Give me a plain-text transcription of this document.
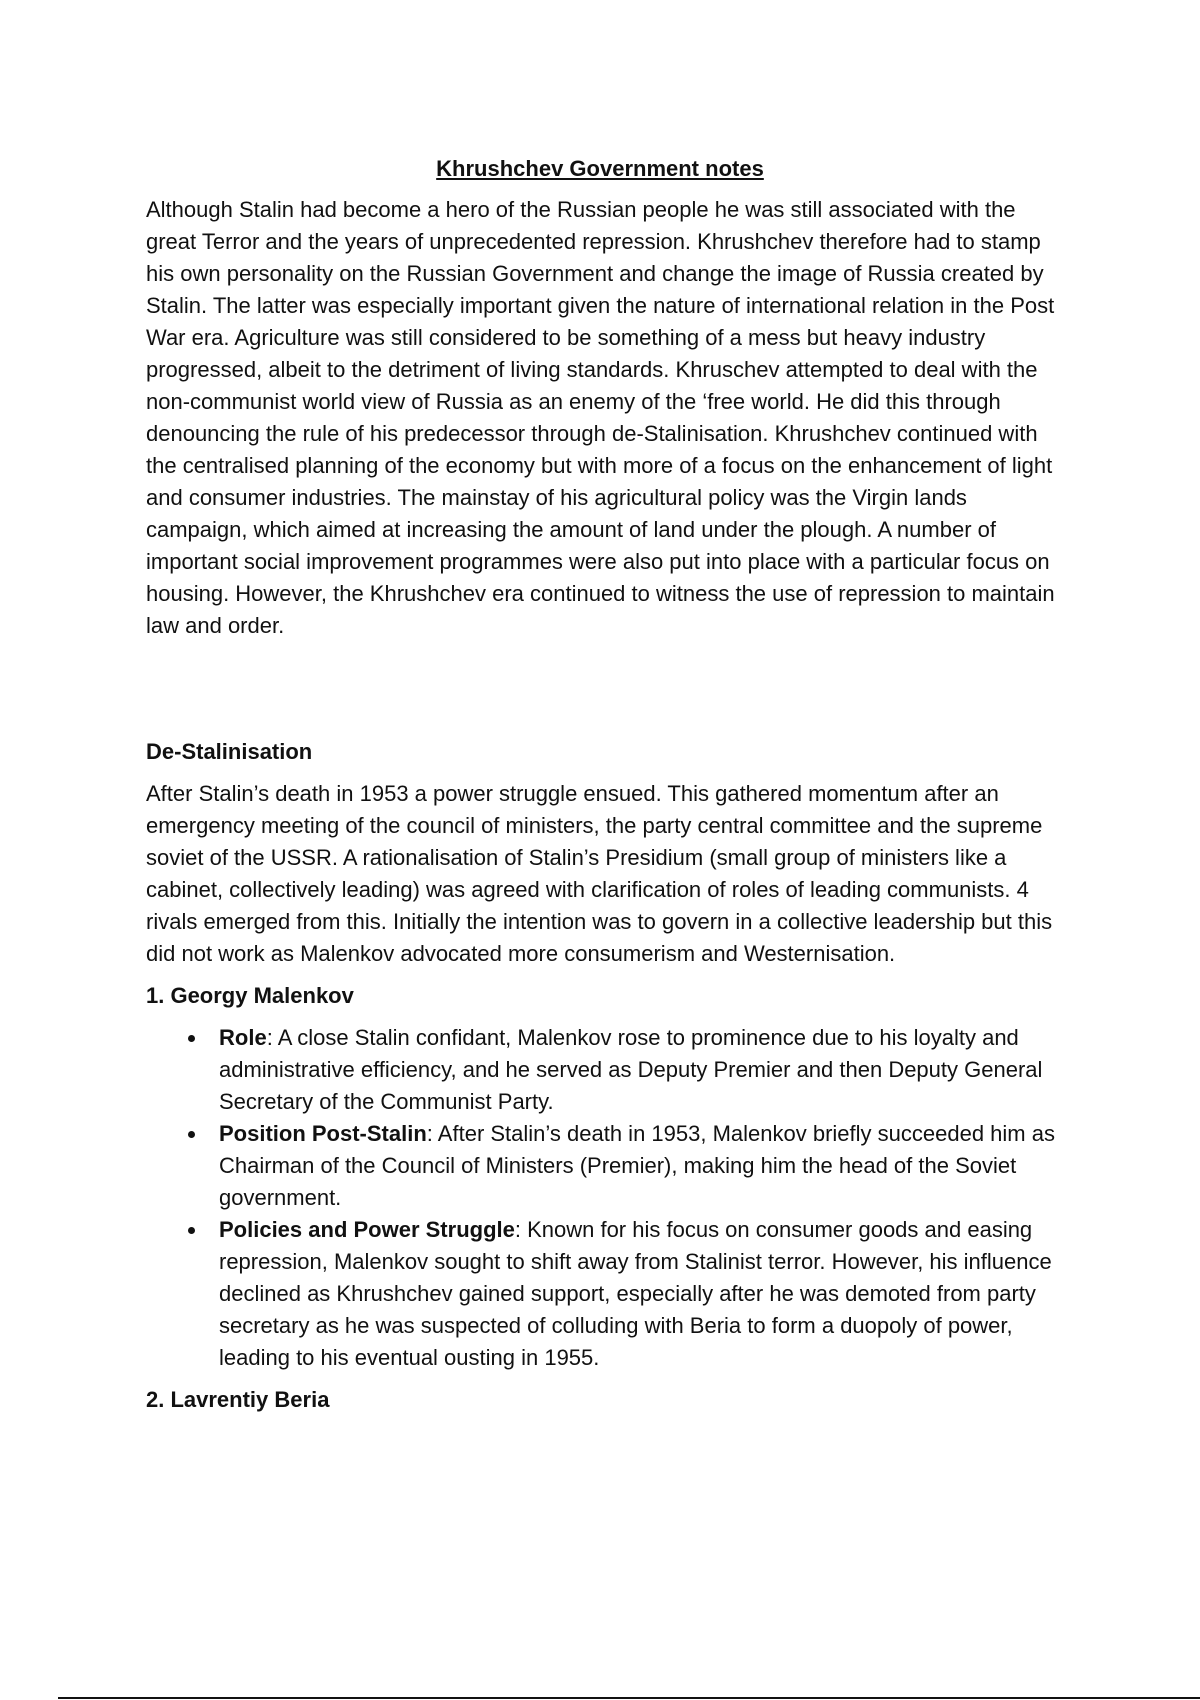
Khrushchev Government notes

Although Stalin had become a hero of the Russian people he was still associated with the great Terror and the years of unprecedented repression. Khrushchev therefore had to stamp his own personality on the Russian Government and change the image of Russia created by Stalin. The latter was especially important given the nature of international relation in the Post War era. Agriculture was still considered to be something of a mess but heavy industry progressed, albeit to the detriment of living standards. Khruschev attempted to deal with the non-communist world view of Russia as an enemy of the ‘free world. He did this through denouncing the rule of his predecessor through de-Stalinisation. Khrushchev continued with the centralised planning of the economy but with more of a focus on the enhancement of light and consumer industries. The mainstay of his agricultural policy was the Virgin lands campaign, which aimed at increasing the amount of land under the plough. A number of important social improvement programmes were also put into place with a particular focus on housing. However, the Khrushchev era continued to witness the use of repression to maintain law and order.

De-Stalinisation

After Stalin’s death in 1953 a power struggle ensued. This gathered momentum after an emergency meeting of the council of ministers, the party central committee and the supreme soviet of the USSR. A rationalisation of Stalin’s Presidium (small group of ministers like a cabinet, collectively leading) was agreed with clarification of roles of leading communists. 4 rivals emerged from this. Initially the intention was to govern in a collective leadership but this did not work as Malenkov advocated more consumerism and Westernisation.

1. Georgy Malenkov
Role: A close Stalin confidant, Malenkov rose to prominence due to his loyalty and administrative efficiency, and he served as Deputy Premier and then Deputy General Secretary of the Communist Party.
Position Post-Stalin: After Stalin’s death in 1953, Malenkov briefly succeeded him as Chairman of the Council of Ministers (Premier), making him the head of the Soviet government.
Policies and Power Struggle: Known for his focus on consumer goods and easing repression, Malenkov sought to shift away from Stalinist terror. However, his influence declined as Khrushchev gained support, especially after he was demoted from party secretary as he was suspected of colluding with Beria to form a duopoly of power, leading to his eventual ousting in 1955.
2. Lavrentiy Beria
